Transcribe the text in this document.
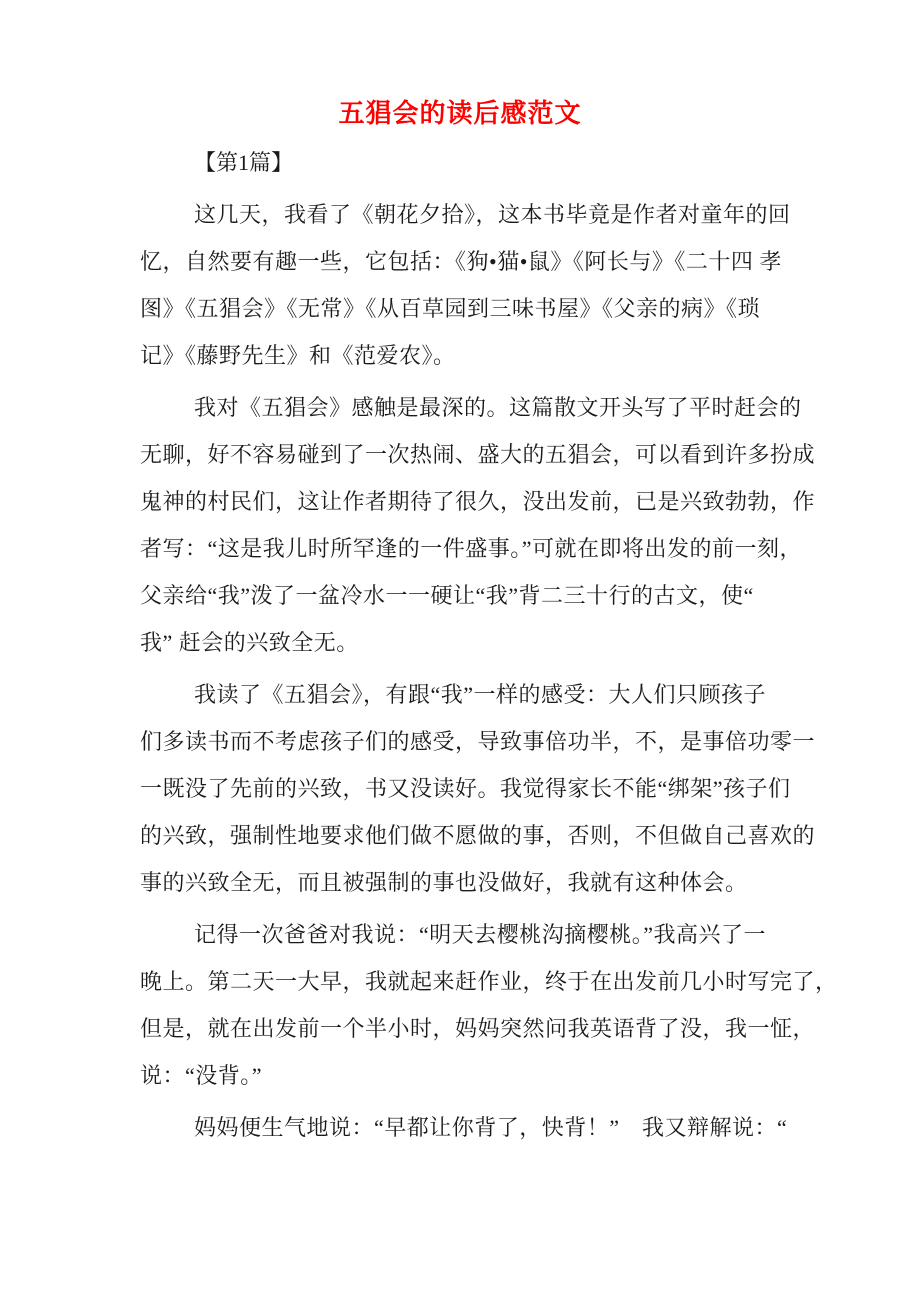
五猖会的读后感范文
【第1篇】
这几天，我看了《朝花夕拾》，这本书毕竟是作者对童年的回
忆，自然要有趣一些，它包括：《狗•猫•鼠》《阿长与》《二十四 孝
图》《五猖会》《无常》《从百草园到三味书屋》《父亲的病》《琐
记》《藤野先生》和《范爱农》。
我对《五猖会》感触是最深的。这篇散文开头写了平时赶会的
无聊，好不容易碰到了一次热闹、盛大的五猖会，可以看到许多扮成
鬼神的村民们，这让作者期待了很久，没出发前，已是兴致勃勃，作
者写：“这是我儿时所罕逢的一件盛事。”可就在即将出发的前一刻，
父亲给“我”泼了一盆冷水一一硬让“我”背二三十行的古文，使“
我” 赶会的兴致全无。
我读了《五猖会》，有跟“我”一样的感受：大人们只顾孩子
们多读书而不考虑孩子们的感受，导致事倍功半，不，是事倍功零一
一既没了先前的兴致，书又没读好。我觉得家长不能“绑架”孩子们
的兴致，强制性地要求他们做不愿做的事，否则，不但做自己喜欢的
事的兴致全无，而且被强制的事也没做好，我就有这种体会。
记得一次爸爸对我说：“明天去樱桃沟摘樱桃。”我高兴了一
晚上。第二天一大早，我就起来赶作业，终于在出发前几小时写完了，
但是，就在出发前一个半小时，妈妈突然问我英语背了没，我一怔，
说：“没背。”
妈妈便生气地说：“早都让你背了，快背！”　我又辩解说：“
